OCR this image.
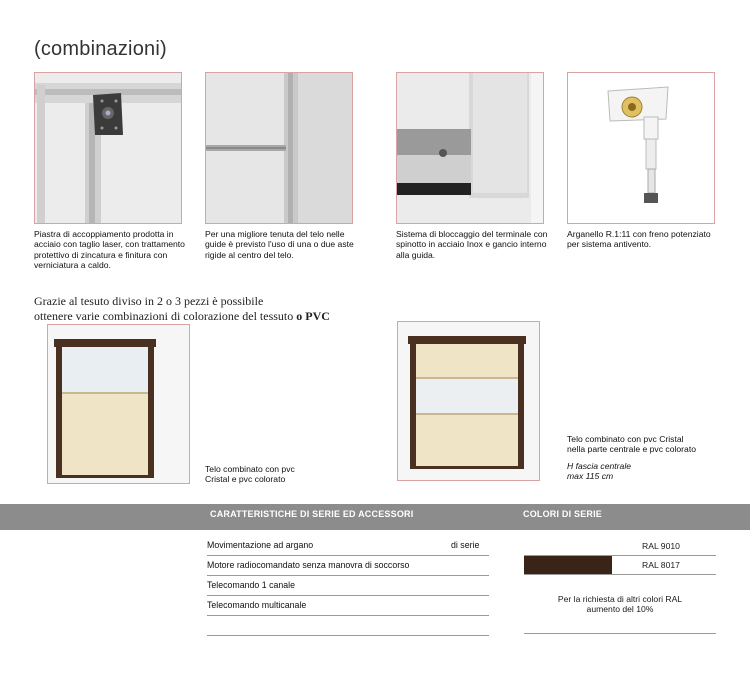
(combinazioni)
Piastra di accoppiamento prodotta in acciaio con taglio laser, con trattamento protettivo di zincatura e finitura con verniciatura a caldo.
Per una migliore tenuta del telo nelle guide è previsto l'uso di una o due aste rigide al centro del telo.
Sistema di bloccaggio del terminale con spinotto in acciaio Inox e gancio interno alla guida.
Arganello R.1:11 con freno potenziato per sistema antivento.
Grazie al tesuto diviso in 2 o 3 pezzi è possibile
ottenere varie combinazioni di colorazione del tessuto o PVC
Telo combinato con pvc
Cristal e pvc colorato
Telo combinato con pvc Cristal
nella parte centrale e pvc colorato
H fascia centrale
max 115 cm
CARATTERISTICHE DI SERIE ED ACCESSORI	COLORI DI SERIE
Movimentazione ad argano	di serie
Motore radiocomandato senza manovra di soccorso
Telecomando 1 canale
Telecomando multicanale
RAL 9010
RAL 8017
Per la richiesta di altri colori RAL
aumento del 10%
